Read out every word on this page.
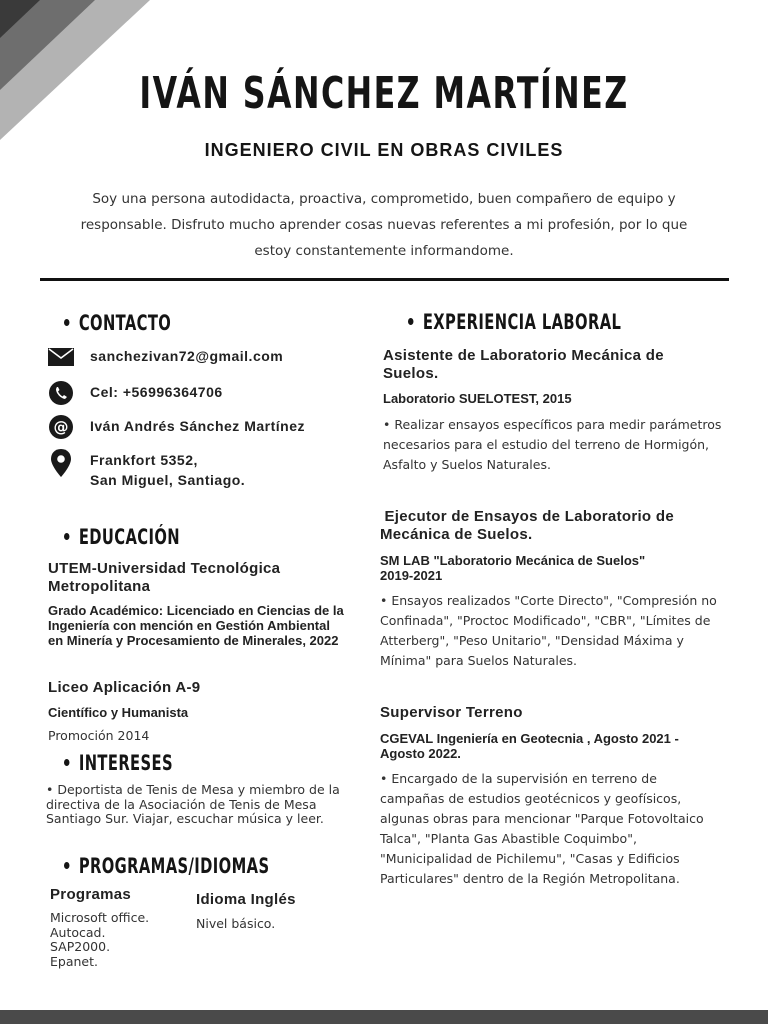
IVÁN SÁNCHEZ MARTÍNEZ
INGENIERO CIVIL EN OBRAS CIVILES
Soy una persona autodidacta, proactiva, comprometido, buen compañero de equipo y responsable. Disfruto mucho aprender cosas nuevas referentes a mi profesión, por lo que estoy constantemente informandome.
CONTACTO
sanchezivan72@gmail.com
Cel: +56996364706
@ Iván Andrés Sánchez Martínez
Frankfort 5352,
San Miguel, Santiago.
EDUCACIÓN
UTEM-Universidad Tecnológica Metropolitana
Grado Académico: Licenciado en Ciencias de la Ingeniería con mención en Gestión Ambiental en Minería y Procesamiento de Minerales, 2022
Liceo Aplicación A-9
Científico y Humanista
Promoción 2014
INTERESES
• Deportista de Tenis de Mesa y miembro de la directiva de la Asociación de Tenis de Mesa Santiago Sur. Viajar, escuchar música y leer.
PROGRAMAS/IDIOMAS
Programas
Microsoft office.
Autocad.
SAP2000.
Epanet.
Idioma Inglés
Nivel básico.
EXPERIENCIA LABORAL
Asistente de Laboratorio Mecánica de Suelos.
Laboratorio SUELOTEST, 2015
• Realizar ensayos específicos para medir parámetros necesarios para el estudio del terreno de Hormigón, Asfalto y Suelos Naturales.
Ejecutor de Ensayos de Laboratorio de Mecánica de Suelos.
SM LAB "Laboratorio Mecánica de Suelos" 2019-2021
• Ensayos realizados "Corte Directo", "Compresión no Confinada", "Proctoc Modificado", "CBR", "Límites de Atterberg", "Peso Unitario", "Densidad Máxima y Mínima" para Suelos Naturales.
Supervisor Terreno
CGEVAL Ingeniería en Geotecnia , Agosto 2021 - Agosto 2022.
• Encargado de la supervisión en terreno de campañas de estudios geotécnicos y geofísicos, algunas obras para mencionar "Parque Fotovoltaico Talca", "Planta Gas Abastible Coquimbo", "Municipalidad de Pichilemu", "Casas y Edificios Particulares" dentro de la Región Metropolitana.
